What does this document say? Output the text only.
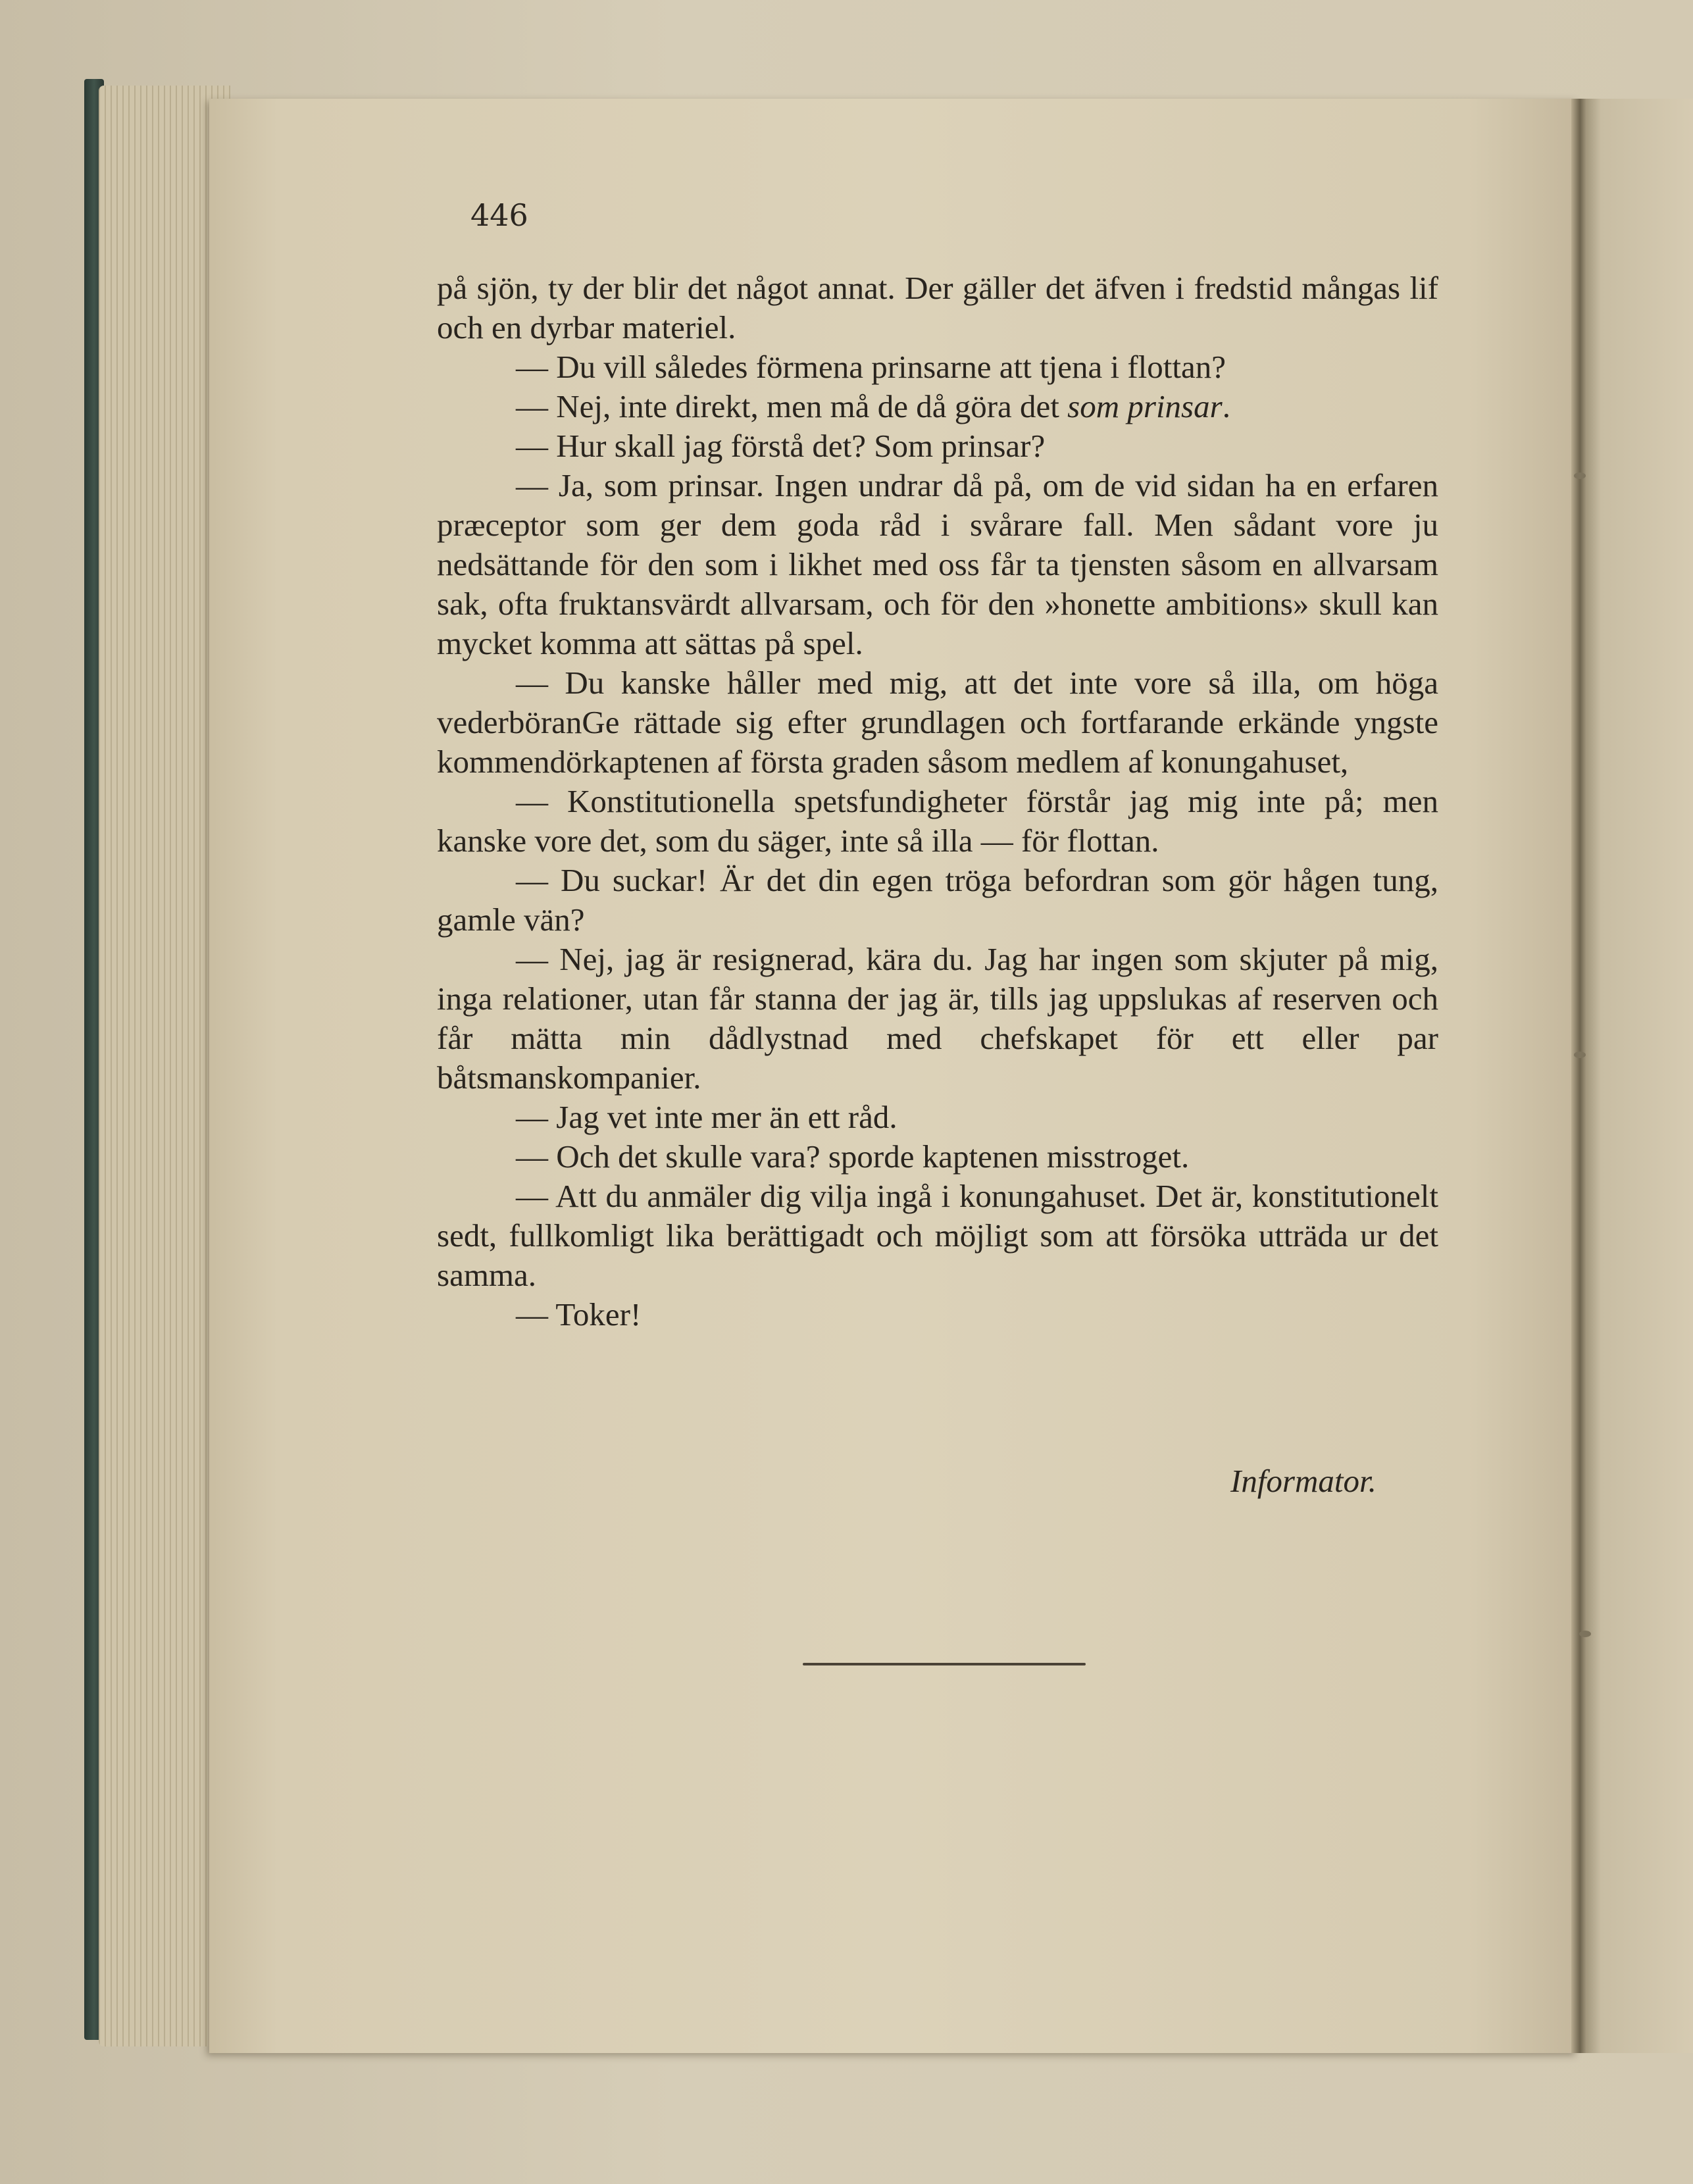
446

på sjön, ty der blir det något annat. Der gäller det äfven i fredstid mångas lif och en dyrbar materiel.

— Du vill således förmena prinsarne att tjena i flottan?

— Nej, inte direkt, men må de då göra det som prinsar.

— Hur skall jag förstå det? Som prinsar?

— Ja, som prinsar. Ingen undrar då på, om de vid sidan ha en erfaren præceptor som ger dem goda råd i svårare fall. Men sådant vore ju nedsättande för den som i likhet med oss får ta tjensten såsom en allvarsam sak, ofta fruktansvärdt allvarsam, och för den »honette ambitions» skull kan mycket komma att sättas på spel.

— Du kanske håller med mig, att det inte vore så illa, om höga vederböranGe rättade sig efter grundlagen och fortfarande erkände yngste kommendörkaptenen af första graden såsom medlem af konungahuset,

— Konstitutionella spetsfundigheter förstår jag mig inte på; men kanske vore det, som du säger, inte så illa — för flottan.

— Du suckar! Är det din egen tröga befordran som gör hågen tung, gamle vän?

— Nej, jag är resignerad, kära du. Jag har ingen som skjuter på mig, inga relationer, utan får stanna der jag är, tills jag uppslukas af reserven och får mätta min dådlystnad med chefskapet för ett eller par båtsmanskompanier.

— Jag vet inte mer än ett råd.

— Och det skulle vara? sporde kaptenen misstroget.

— Att du anmäler dig vilja ingå i konungahuset. Det är, konstitutionelt sedt, fullkomligt lika berättigadt och möjligt som att försöka utträda ur det samma.

— Toker!

Informator.
